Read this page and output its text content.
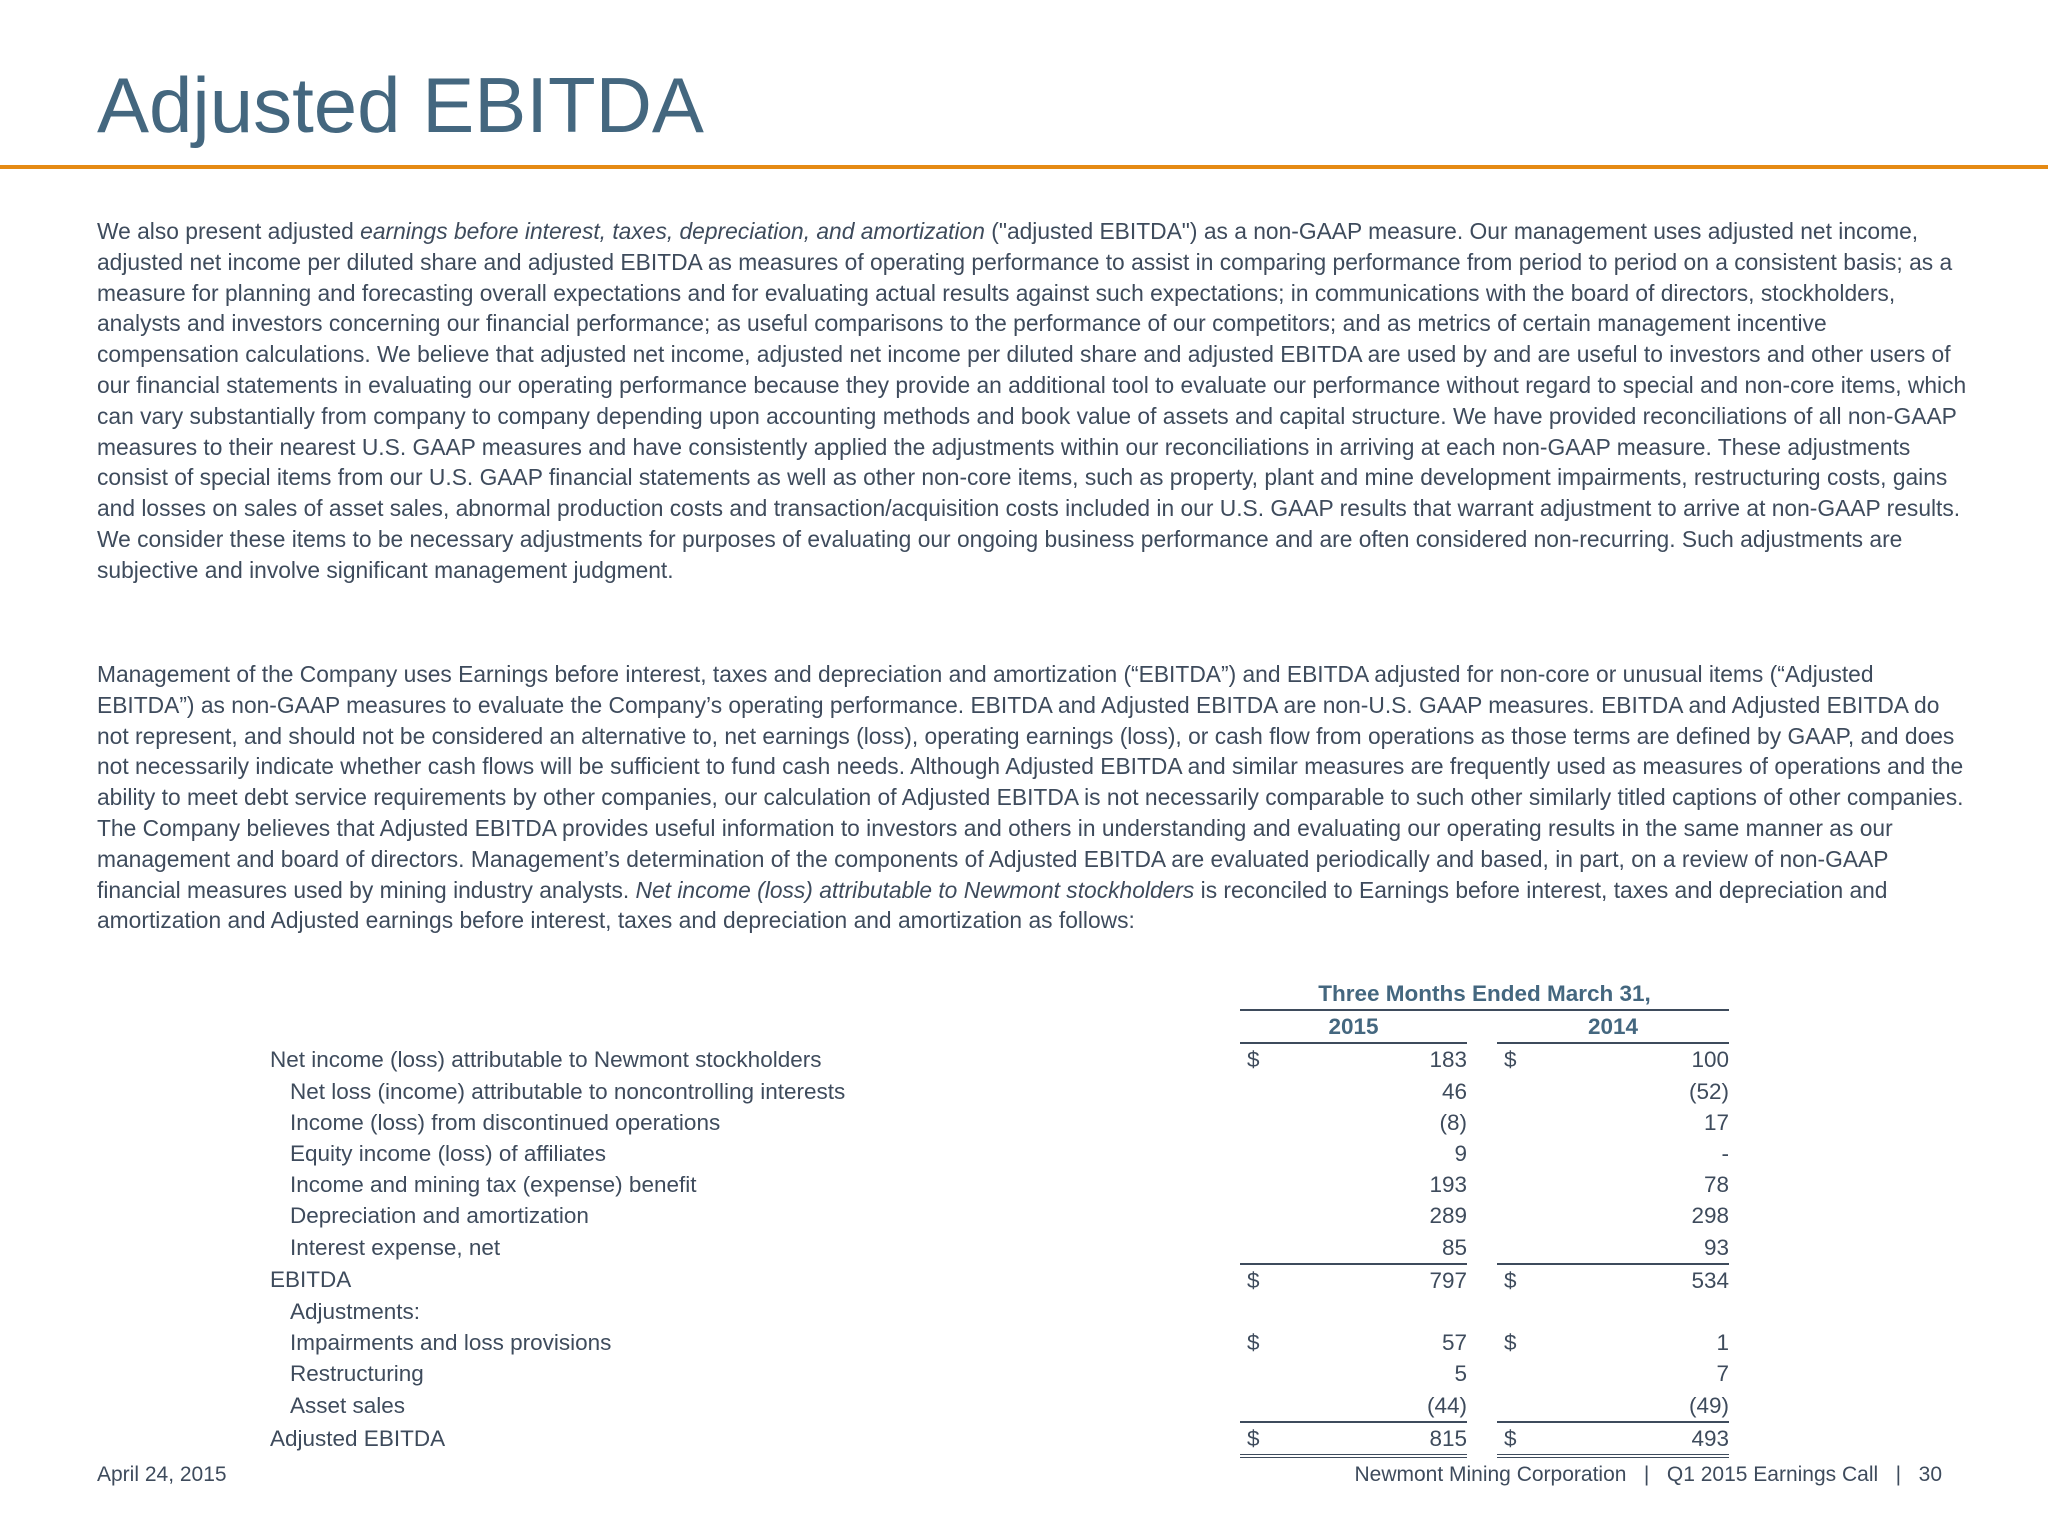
Adjusted EBITDA

We also present adjusted earnings before interest, taxes, depreciation, and amortization ("adjusted EBITDA") as a non-GAAP measure. Our management uses adjusted net income, adjusted net income per diluted share and adjusted EBITDA as measures of operating performance to assist in comparing performance from period to period on a consistent basis; as a measure for planning and forecasting overall expectations and for evaluating actual results against such expectations; in communications with the board of directors, stockholders, analysts and investors concerning our financial performance; as useful comparisons to the performance of our competitors; and as metrics of certain management incentive compensation calculations. We believe that adjusted net income, adjusted net income per diluted share and adjusted EBITDA are used by and are useful to investors and other users of our financial statements in evaluating our operating performance because they provide an additional tool to evaluate our performance without regard to special and non-core items, which can vary substantially from company to company depending upon accounting methods and book value of assets and capital structure. We have provided reconciliations of all non-GAAP measures to their nearest U.S. GAAP measures and have consistently applied the adjustments within our reconciliations in arriving at each non-GAAP measure. These adjustments consist of special items from our U.S. GAAP financial statements as well as other non-core items, such as property, plant and mine development impairments, restructuring costs, gains and losses on sales of asset sales, abnormal production costs and transaction/acquisition costs included in our U.S. GAAP results that warrant adjustment to arrive at non-GAAP results. We consider these items to be necessary adjustments for purposes of evaluating our ongoing business performance and are often considered non-recurring. Such adjustments are subjective and involve significant management judgment.

Management of the Company uses Earnings before interest, taxes and depreciation and amortization (“EBITDA”) and EBITDA adjusted for non-core or unusual items (“Adjusted EBITDA”) as non-GAAP measures to evaluate the Company’s operating performance. EBITDA and Adjusted EBITDA are non-U.S. GAAP measures. EBITDA and Adjusted EBITDA do not represent, and should not be considered an alternative to, net earnings (loss), operating earnings (loss), or cash flow from operations as those terms are defined by GAAP, and does not necessarily indicate whether cash flows will be sufficient to fund cash needs. Although Adjusted EBITDA and similar measures are frequently used as measures of operations and the ability to meet debt service requirements by other companies, our calculation of Adjusted EBITDA is not necessarily comparable to such other similarly titled captions of other companies. The Company believes that Adjusted EBITDA provides useful information to investors and others in understanding and evaluating our operating results in the same manner as our management and board of directors. Management’s determination of the components of Adjusted EBITDA are evaluated periodically and based, in part, on a review of non-GAAP financial measures used by mining industry analysts. Net income (loss) attributable to Newmont stockholders is reconciled to Earnings before interest, taxes and depreciation and amortization and Adjusted earnings before interest, taxes and depreciation and amortization as follows:

	Three Months Ended March 31,				
	2015			2014	
Net income (loss) attributable to Newmont stockholders	$	183		$	100
Net loss (income) attributable to noncontrolling interests		46			(52)
Income (loss) from discontinued operations		(8)			17
Equity income (loss) of affiliates		9			-
Income and mining tax (expense) benefit		193			78
Depreciation and amortization		289			298
Interest expense, net		85			93
EBITDA	$	797		$	534
Adjustments:					
Impairments and loss provisions	$	57		$	1
Restructuring		5			7
Asset sales		(44)			(49)
Adjusted EBITDA	$	815		$	493
April 24, 2015	Newmont Mining Corporation   |   Q1 2015 Earnings Call   |   30
